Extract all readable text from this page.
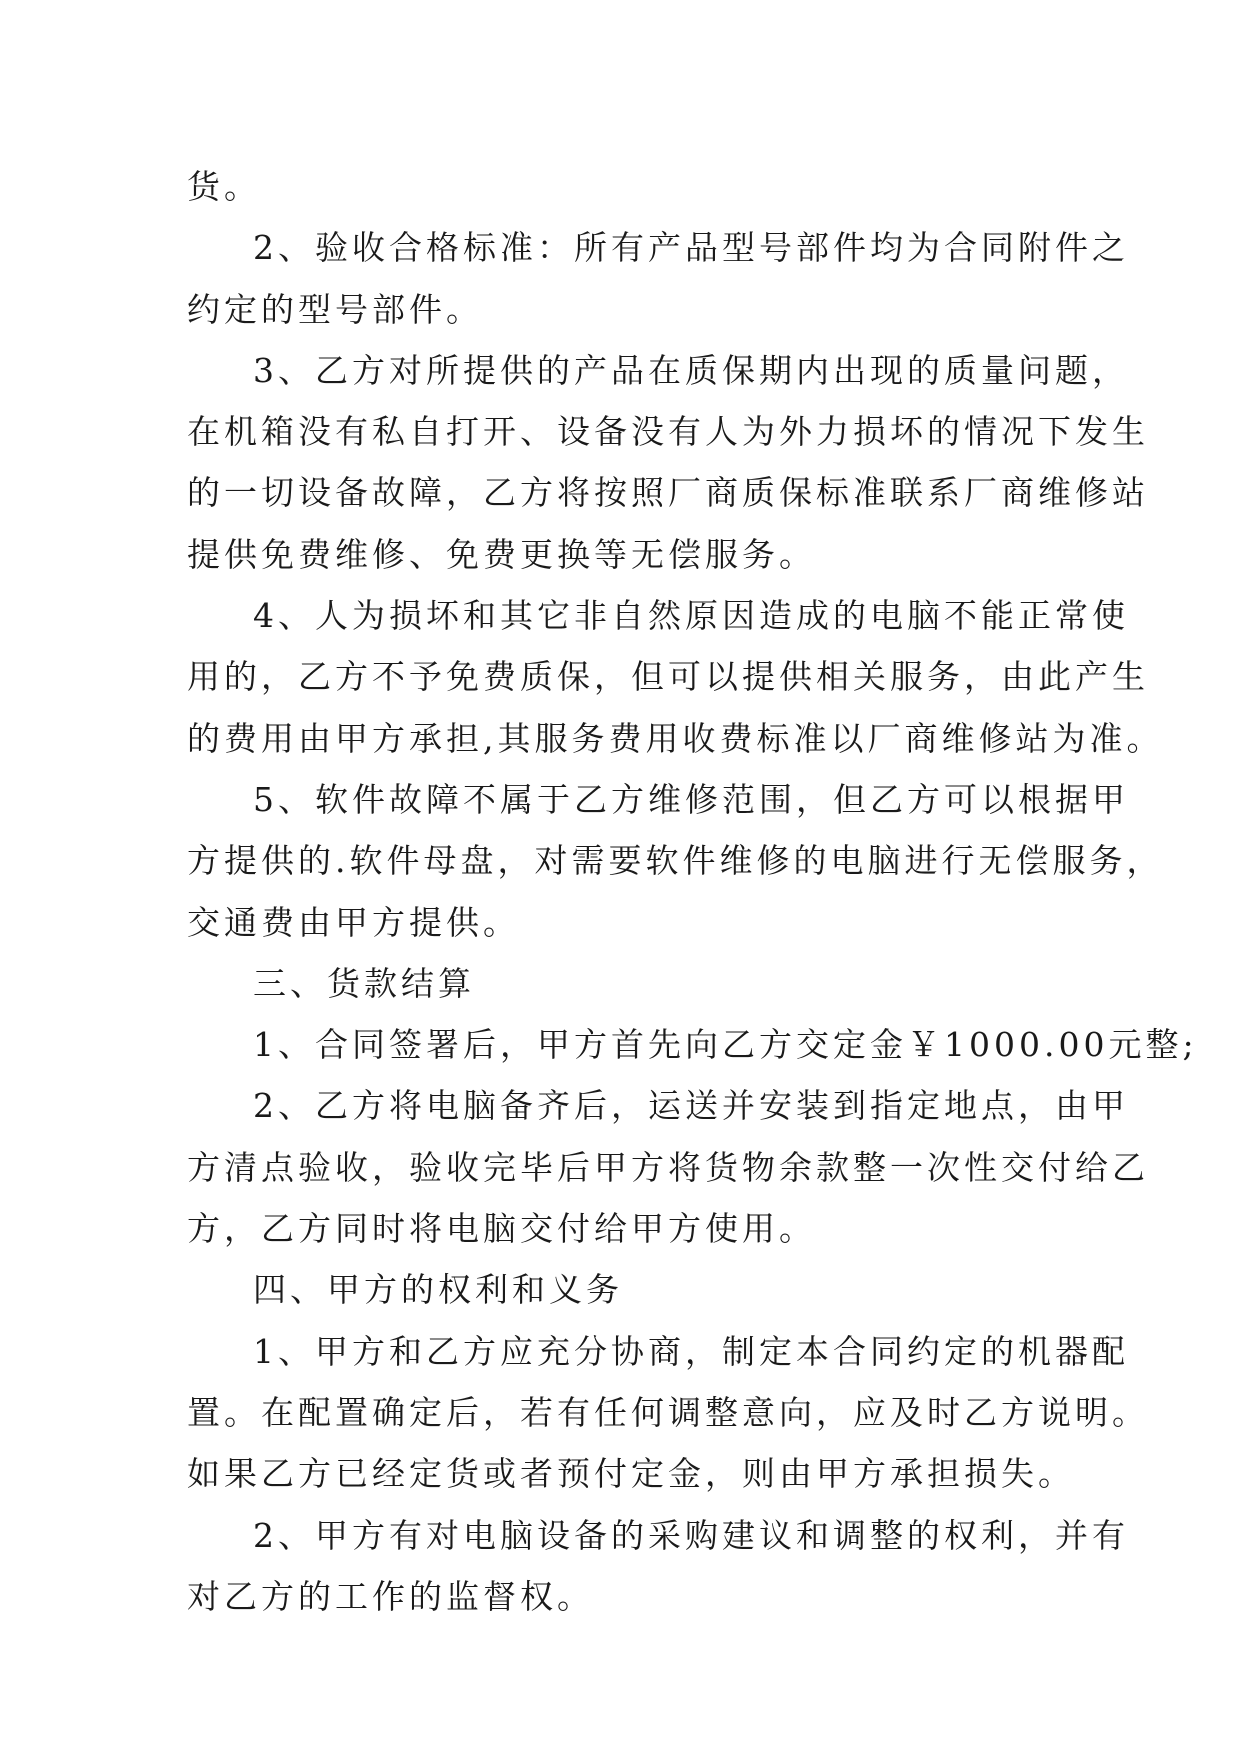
货。
2、验收合格标准：所有产品型号部件均为合同附件之
约定的型号部件。
3、乙方对所提供的产品在质保期内出现的质量问题，
在机箱没有私自打开、设备没有人为外力损坏的情况下发生
的一切设备故障，乙方将按照厂商质保标准联系厂商维修站
提供免费维修、免费更换等无偿服务。
4、人为损坏和其它非自然原因造成的电脑不能正常使
用的，乙方不予免费质保，但可以提供相关服务，由此产生
的费用由甲方承担,其服务费用收费标准以厂商维修站为准。
5、软件故障不属于乙方维修范围，但乙方可以根据甲
方提供的.软件母盘，对需要软件维修的电脑进行无偿服务，
交通费由甲方提供。
三、货款结算
1、合同签署后，甲方首先向乙方交定金￥1000.00元整;
2、乙方将电脑备齐后，运送并安装到指定地点，由甲
方清点验收，验收完毕后甲方将货物余款整一次性交付给乙
方，乙方同时将电脑交付给甲方使用。
四、甲方的权利和义务
1、甲方和乙方应充分协商，制定本合同约定的机器配
置。在配置确定后，若有任何调整意向，应及时乙方说明。
如果乙方已经定货或者预付定金，则由甲方承担损失。
2、甲方有对电脑设备的采购建议和调整的权利，并有
对乙方的工作的监督权。
